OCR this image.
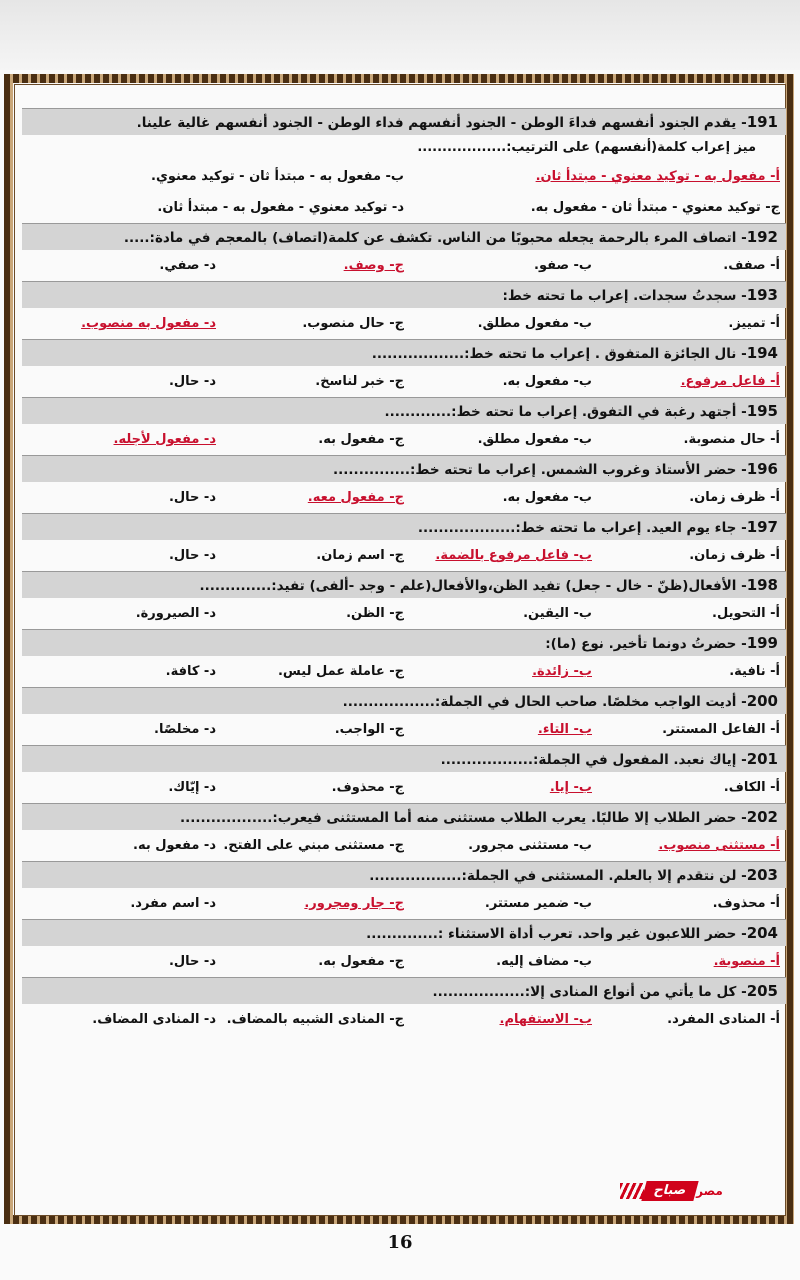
191- يقدم الجنود أنفسهم فداءَ الوطن - الجنود أنفسهم فداء الوطن - الجنود أنفسهم غالية علينا.
ميز إعراب كلمة(أنفسهم) على الترتيب:..................
أ- مفعول به - توكيد معنوي - مبتدأ ثان.
ب- مفعول به - مبتدأ ثان - توكيد معنوي.
ج- توكيد معنوي - مبتدأ ثان - مفعول به.
د- توكيد معنوي - مفعول به - مبتدأ ثان.
192- اتصاف المرء بالرحمة يجعله محبوبًا من الناس. تكشف عن كلمة(اتصاف) بالمعجم في مادة:.....
أ- صفف.
ب- صفو.
ج- وصف.
د- صفي.
193- سجدتُ سجدات. إعراب ما تحته خط:
أ- تمييز.
ب- مفعول مطلق.
ج- حال منصوب.
د- مفعول به منصوب.
194- نال الجائزة المتفوق . إعراب ما تحته خط:..................
أ- فاعل مرفوع.
ب- مفعول به.
ج- خبر لناسخ.
د- حال.
195- أجتهد رغبة في التفوق. إعراب ما تحته خط:.............
أ- حال منصوبة.
ب- مفعول مطلق.
ج- مفعول به.
د- مفعول لأجله.
196- حضر الأستاذ وغروب الشمس. إعراب ما تحته خط:...............
أ- ظرف زمان.
ب- مفعول به.
ج- مفعول معه.
د- حال.
197- جاء يوم العيد. إعراب ما تحته خط:...................
أ- ظرف زمان.
ب- فاعل مرفوع بالضمة.
ج- اسم زمان.
د- حال.
198- الأفعال(ظنّ - خال - جعل) تفيد الظن،والأفعال(علم - وجد -ألفى) تفيد:..............
أ- التحويل.
ب- اليقين.
ج- الظن.
د- الصيرورة.
199- حضرتُ دونما تأخير. نوع (ما):
أ- نافية.
ب- زائدة.
ج- عاملة عمل ليس.
د- كافة.
200- أديت الواجب مخلصًا. صاحب الحال في الجملة:..................
أ- الفاعل المستتر.
ب- التاء.
ج- الواجب.
د- مخلصًا.
201- إياك نعبد. المفعول في الجملة:..................
أ- الكاف.
ب- إيا.
ج- محذوف.
د- إيّاك.
202- حضر الطلاب إلا طالبًا. يعرب الطلاب مستثنى منه أما المستثنى فيعرب:..................
أ- مستثنى منصوب.
ب- مستثنى مجرور.
ج- مستثنى مبني على الفتح.
د- مفعول به.
203- لن نتقدم إلا بالعلم. المستثنى في الجملة:..................
أ- محذوف.
ب- ضمير مستتر.
ج- جار ومجرور.
د- اسم مفرد.
204- حضر اللاعبون غير واحد. تعرب أداة الاستثناء :..............
أ- منصوبة.
ب- مضاف إليه.
ج- مفعول به.
د- حال.
205- كل ما يأتي من أنواع المنادى إلا:..................
أ- المنادى المفرد.
ب- الاستفهام.
ج- المنادى الشبيه بالمضاف.
د- المنادى المضاف.
صباح مصر
16
